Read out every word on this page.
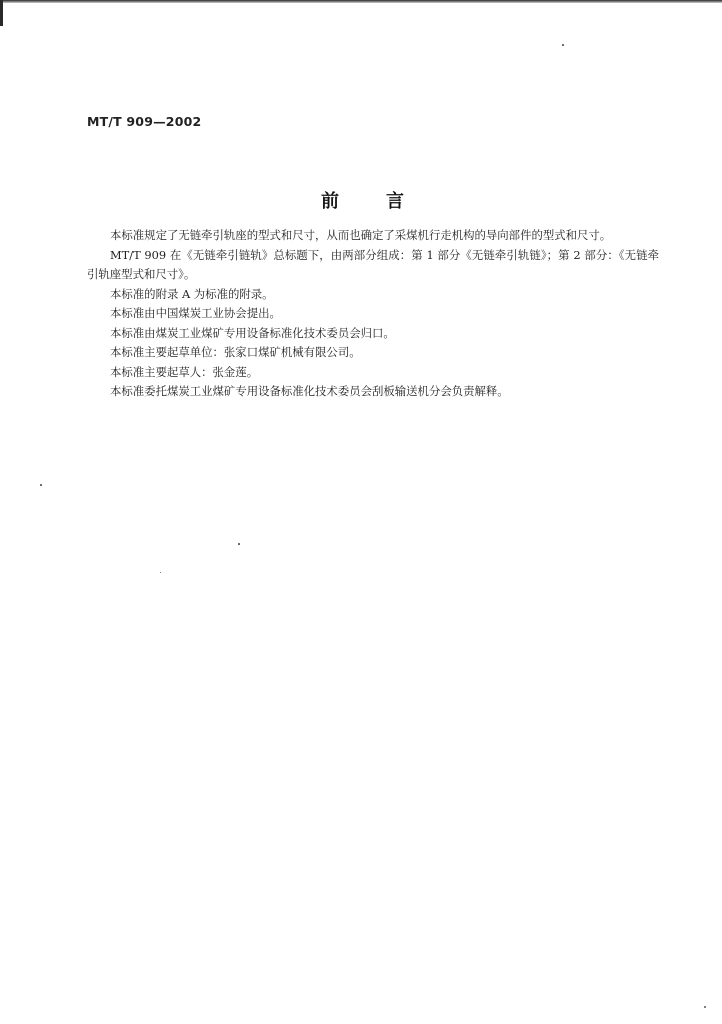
MT/T 909—2002
前	言

本标准规定了无链牵引轨座的型式和尺寸，从而也确定了采煤机行走机构的导向部件的型式和尺寸。

MT/T 909 在《无链牵引链轨》总标题下，由两部分组成：第 1 部分《无链牵引轨链》；第 2 部分：《无链牵引轨座型式和尺寸》。

本标准的附录 A 为标准的附录。

本标准由中国煤炭工业协会提出。

本标准由煤炭工业煤矿专用设备标准化技术委员会归口。

本标准主要起草单位：张家口煤矿机械有限公司。

本标准主要起草人：张金莲。

本标准委托煤炭工业煤矿专用设备标准化技术委员会刮板输送机分会负责解释。
